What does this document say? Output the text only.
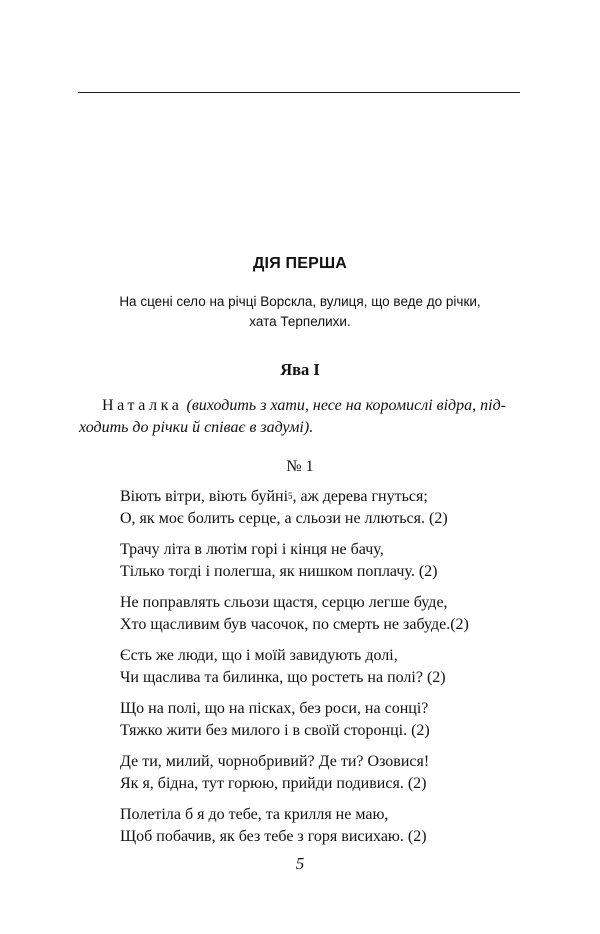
ДІЯ ПЕРША
На сцені село на річці Ворскла, вулиця, що веде до річки,
хата Терпелихи.
Ява І
Наталка (виходить з хати, несе на коромислі відра, під-
ходить до річки й співає в задумі).
№ 1
Віють вітри, віють буйні$^5$, аж дерева гнуться;
О, як моє болить серце, а сльози не ллються. (2)
Трачу літа в лютім горі і кінця не бачу,
Тілько тогді і полегша, як нишком поплачу. (2)
Не поправлять сльози щастя, серцю легше буде,
Хто щасливим був часочок, по смерть не забуде.(2)
Єсть же люди, що і моїй завидують долі,
Чи щаслива та билинка, що ростеть на полі? (2)
Що на полі, що на пісках, без роси, на сонці?
Тяжко жити без милого і в своїй сторонці. (2)
Де ти, милий, чорнобривий? Де ти? Озовися!
Як я, бідна, тут горюю, прийди подивися. (2)
Полетіла б я до тебе, та крилля не маю,
Щоб побачив, як без тебе з горя висихаю. (2)
5
